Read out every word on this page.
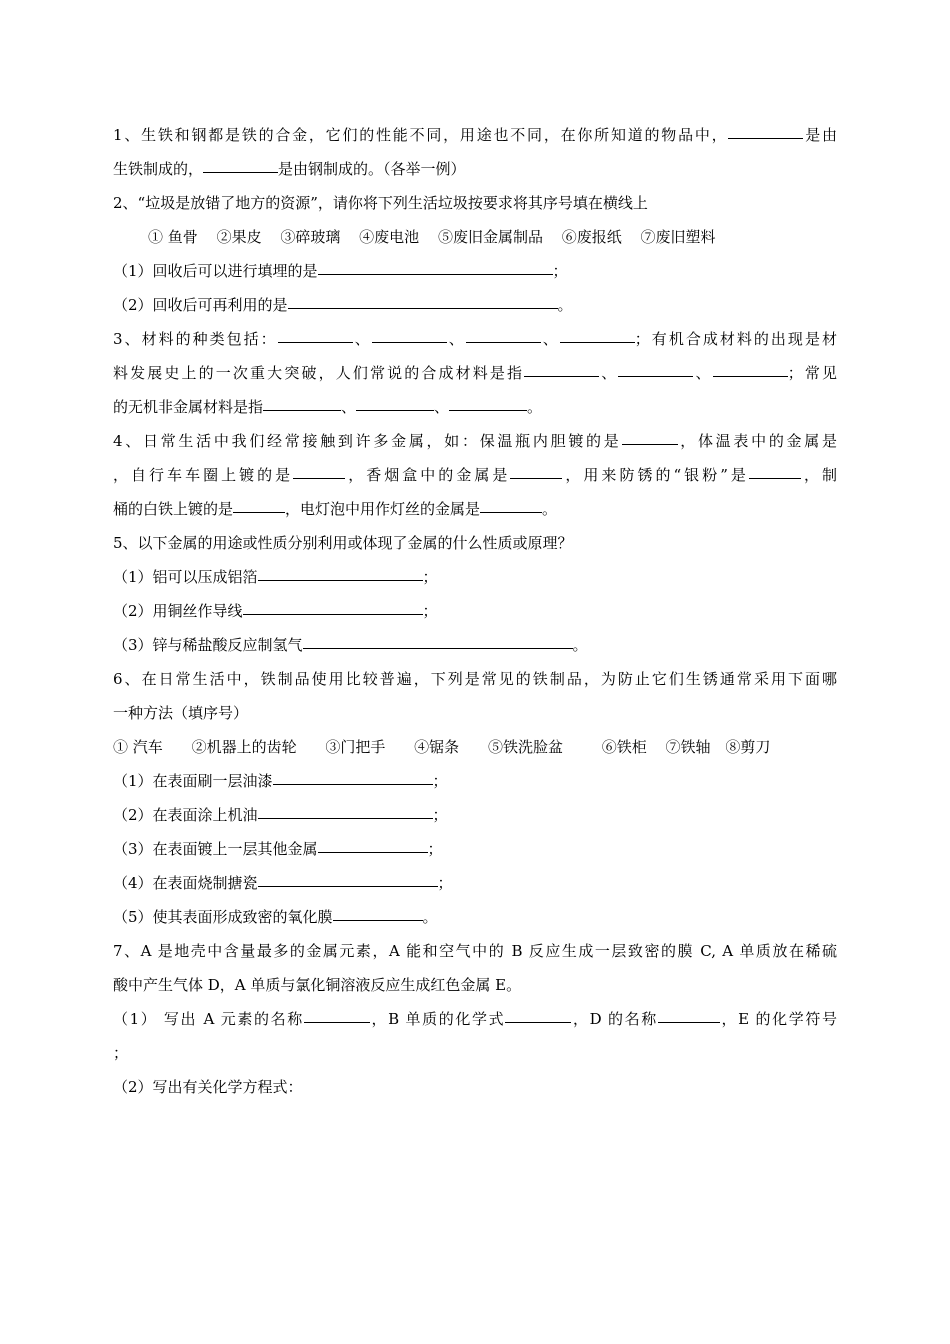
1、生铁和钢都是铁的合金，它们的性能不同，用途也不同，在你所知道的物品中，	是由
生铁制成的，	是由钢制成的。（各举一例）
2、“垃圾是放错了地方的资源”，请你将下列生活垃圾按要求将其序号填在横线上
① 鱼骨 ②果皮 ③碎玻璃 ④废电池 ⑤废旧金属制品 ⑥废报纸 ⑦废旧塑料
（1）回收后可以进行填埋的是	；
（2）回收后可再利用的是	。
3、材料的种类包括：	、	、	、	；有机合成材料的出现是材
料发展史上的一次重大突破，人们常说的合成材料是指	、	、	；常见
的无机非金属材料是指	、	、	。
4、日常生活中我们经常接触到许多金属，如：保温瓶内胆镀的是	，体温表中的金属是
，自行车车圈上镀的是	，香烟盒中的金属是	，用来防锈的“银粉”是	，制
桶的白铁上镀的是	，电灯泡中用作灯丝的金属是	。
5、以下金属的用途或性质分别利用或体现了金属的什么性质或原理？
（1）铝可以压成铝箔	；
（2）用铜丝作导线	；
（3）锌与稀盐酸反应制氢气	。
6、在日常生活中，铁制品使用比较普遍，下列是常见的铁制品，为防止它们生锈通常采用下面哪
一种方法（填序号）
① 汽车 ②机器上的齿轮 ③门把手 ④锯条 ⑤铁洗脸盆	⑥铁柜 ⑦铁轴 ⑧剪刀
（1）在表面刷一层油漆	；
（2）在表面涂上机油	；
（3）在表面镀上一层其他金属	；
（4）在表面烧制搪瓷	；
（5）使其表面形成致密的氧化膜	。
7、A 是地壳中含量最多的金属元素，A 能和空气中的 B 反应生成一层致密的膜 C, A 单质放在稀硫
酸中产生气体 D，A 单质与氯化铜溶液反应生成红色金属 E。
（1） 写出 A 元素的名称	，B 单质的化学式	，D 的名称	，E 的化学符号
；
（2）写出有关化学方程式：
